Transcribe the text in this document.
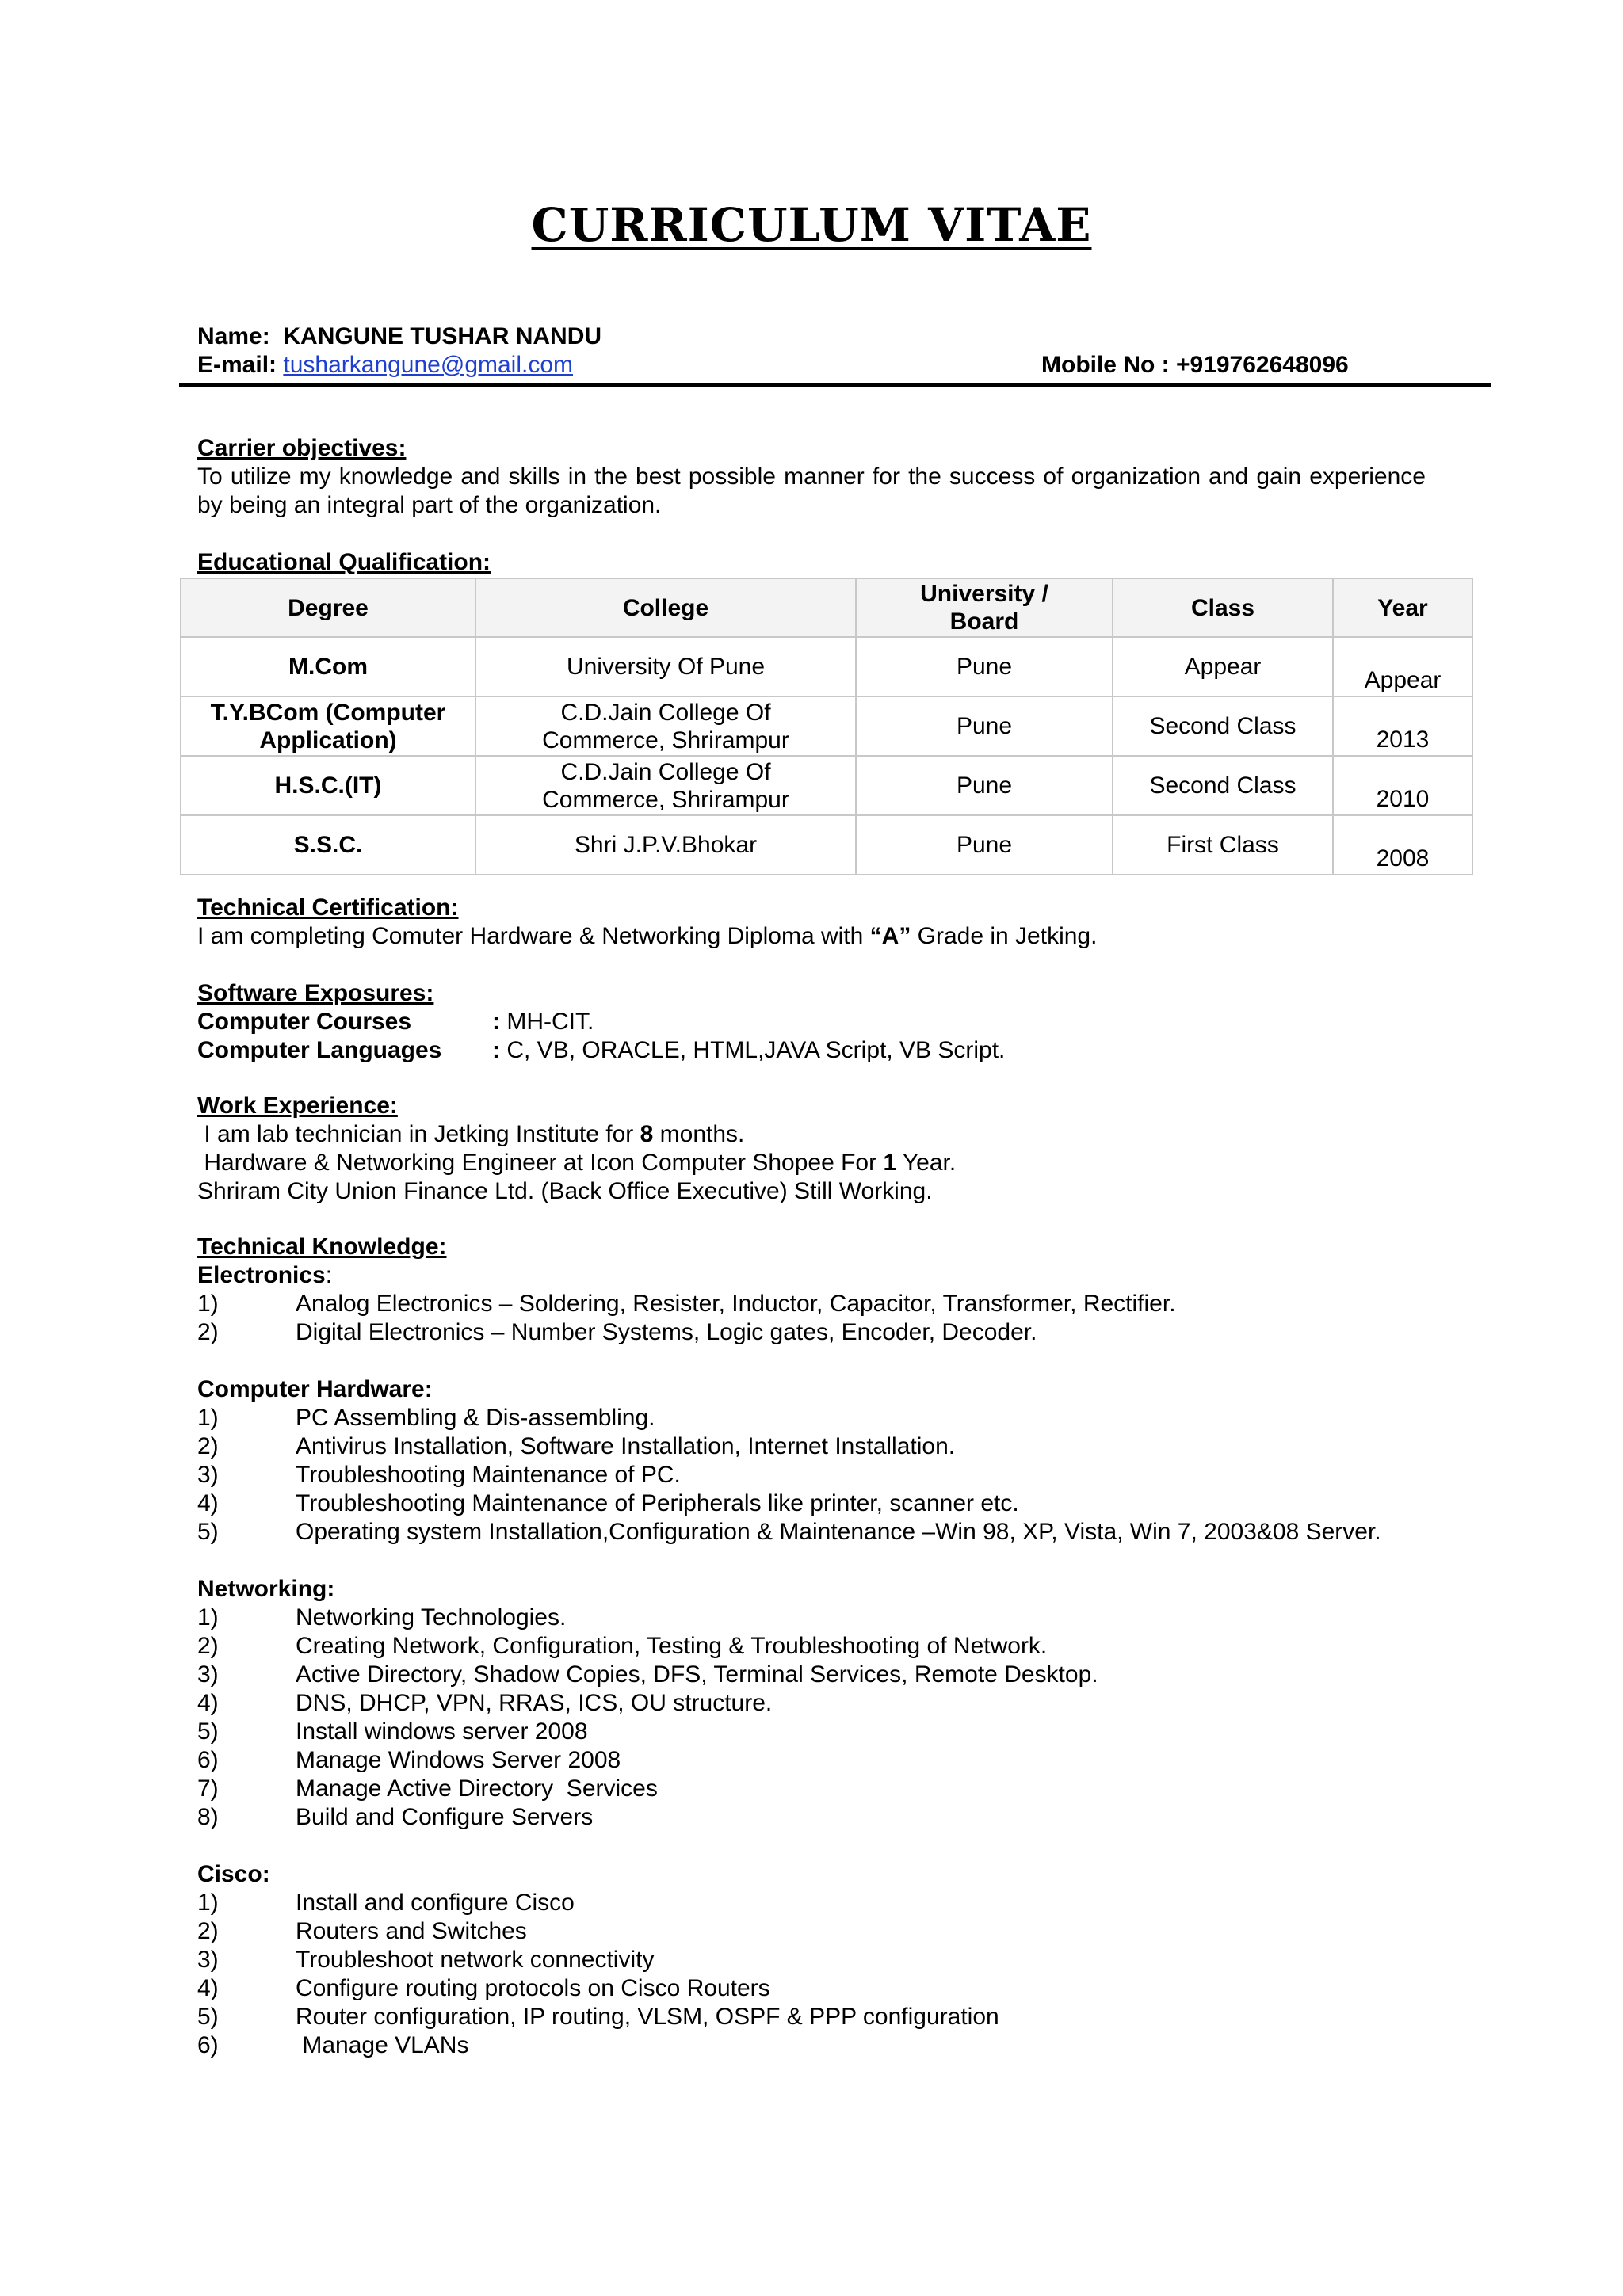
CURRICULUM VITAE
Name: KANGUNE TUSHAR NANDU
E-mail: tusharkangune@gmail.com	Mobile No : +919762648096
Carrier objectives:
To utilize my knowledge and skills in the best possible manner for the success of organization and gain experience by being an integral part of the organization.
Educational Qualification:
Degree	College	University / Board	Class	Year
M.Com	University Of Pune	Pune	Appear	Appear
T.Y.BCom (Computer Application)	C.D.Jain College Of Commerce, Shrirampur	Pune	Second Class	2013
H.S.C.(IT)	C.D.Jain College Of Commerce, Shrirampur	Pune	Second Class	2010
S.S.C.	Shri J.P.V.Bhokar	Pune	First Class	2008
Technical Certification:
I am completing Comuter Hardware & Networking Diploma with “A” Grade in Jetking.
Software Exposures:
Computer Courses	: MH-CIT.
Computer Languages	: C, VB, ORACLE, HTML,JAVA Script, VB Script.
Work Experience:
I am lab technician in Jetking Institute for 8 months.
Hardware & Networking Engineer at Icon Computer Shopee For 1 Year.
Shriram City Union Finance Ltd. (Back Office Executive) Still Working.
Technical Knowledge:
Electronics:
1)	Analog Electronics – Soldering, Resister, Inductor, Capacitor, Transformer, Rectifier.
2)	Digital Electronics – Number Systems, Logic gates, Encoder, Decoder.
Computer Hardware:
1)	PC Assembling & Dis-assembling.
2)	Antivirus Installation, Software Installation, Internet Installation.
3)	Troubleshooting Maintenance of PC.
4)	Troubleshooting Maintenance of Peripherals like printer, scanner etc.
5)	Operating system Installation,Configuration & Maintenance –Win 98, XP, Vista, Win 7, 2003&08 Server.
Networking:
1)	Networking Technologies.
2)	Creating Network, Configuration, Testing & Troubleshooting of Network.
3)	Active Directory, Shadow Copies, DFS, Terminal Services, Remote Desktop.
4)	DNS, DHCP, VPN, RRAS, ICS, OU structure.
5)	Install windows server 2008
6)	Manage Windows Server 2008
7)	Manage Active Directory  Services
8)	Build and Configure Servers
Cisco:
1)	Install and configure Cisco
2)	Routers and Switches
3)	Troubleshoot network connectivity
4)	Configure routing protocols on Cisco Routers
5)	Router configuration, IP routing, VLSM, OSPF & PPP configuration
6)	Manage VLANs
